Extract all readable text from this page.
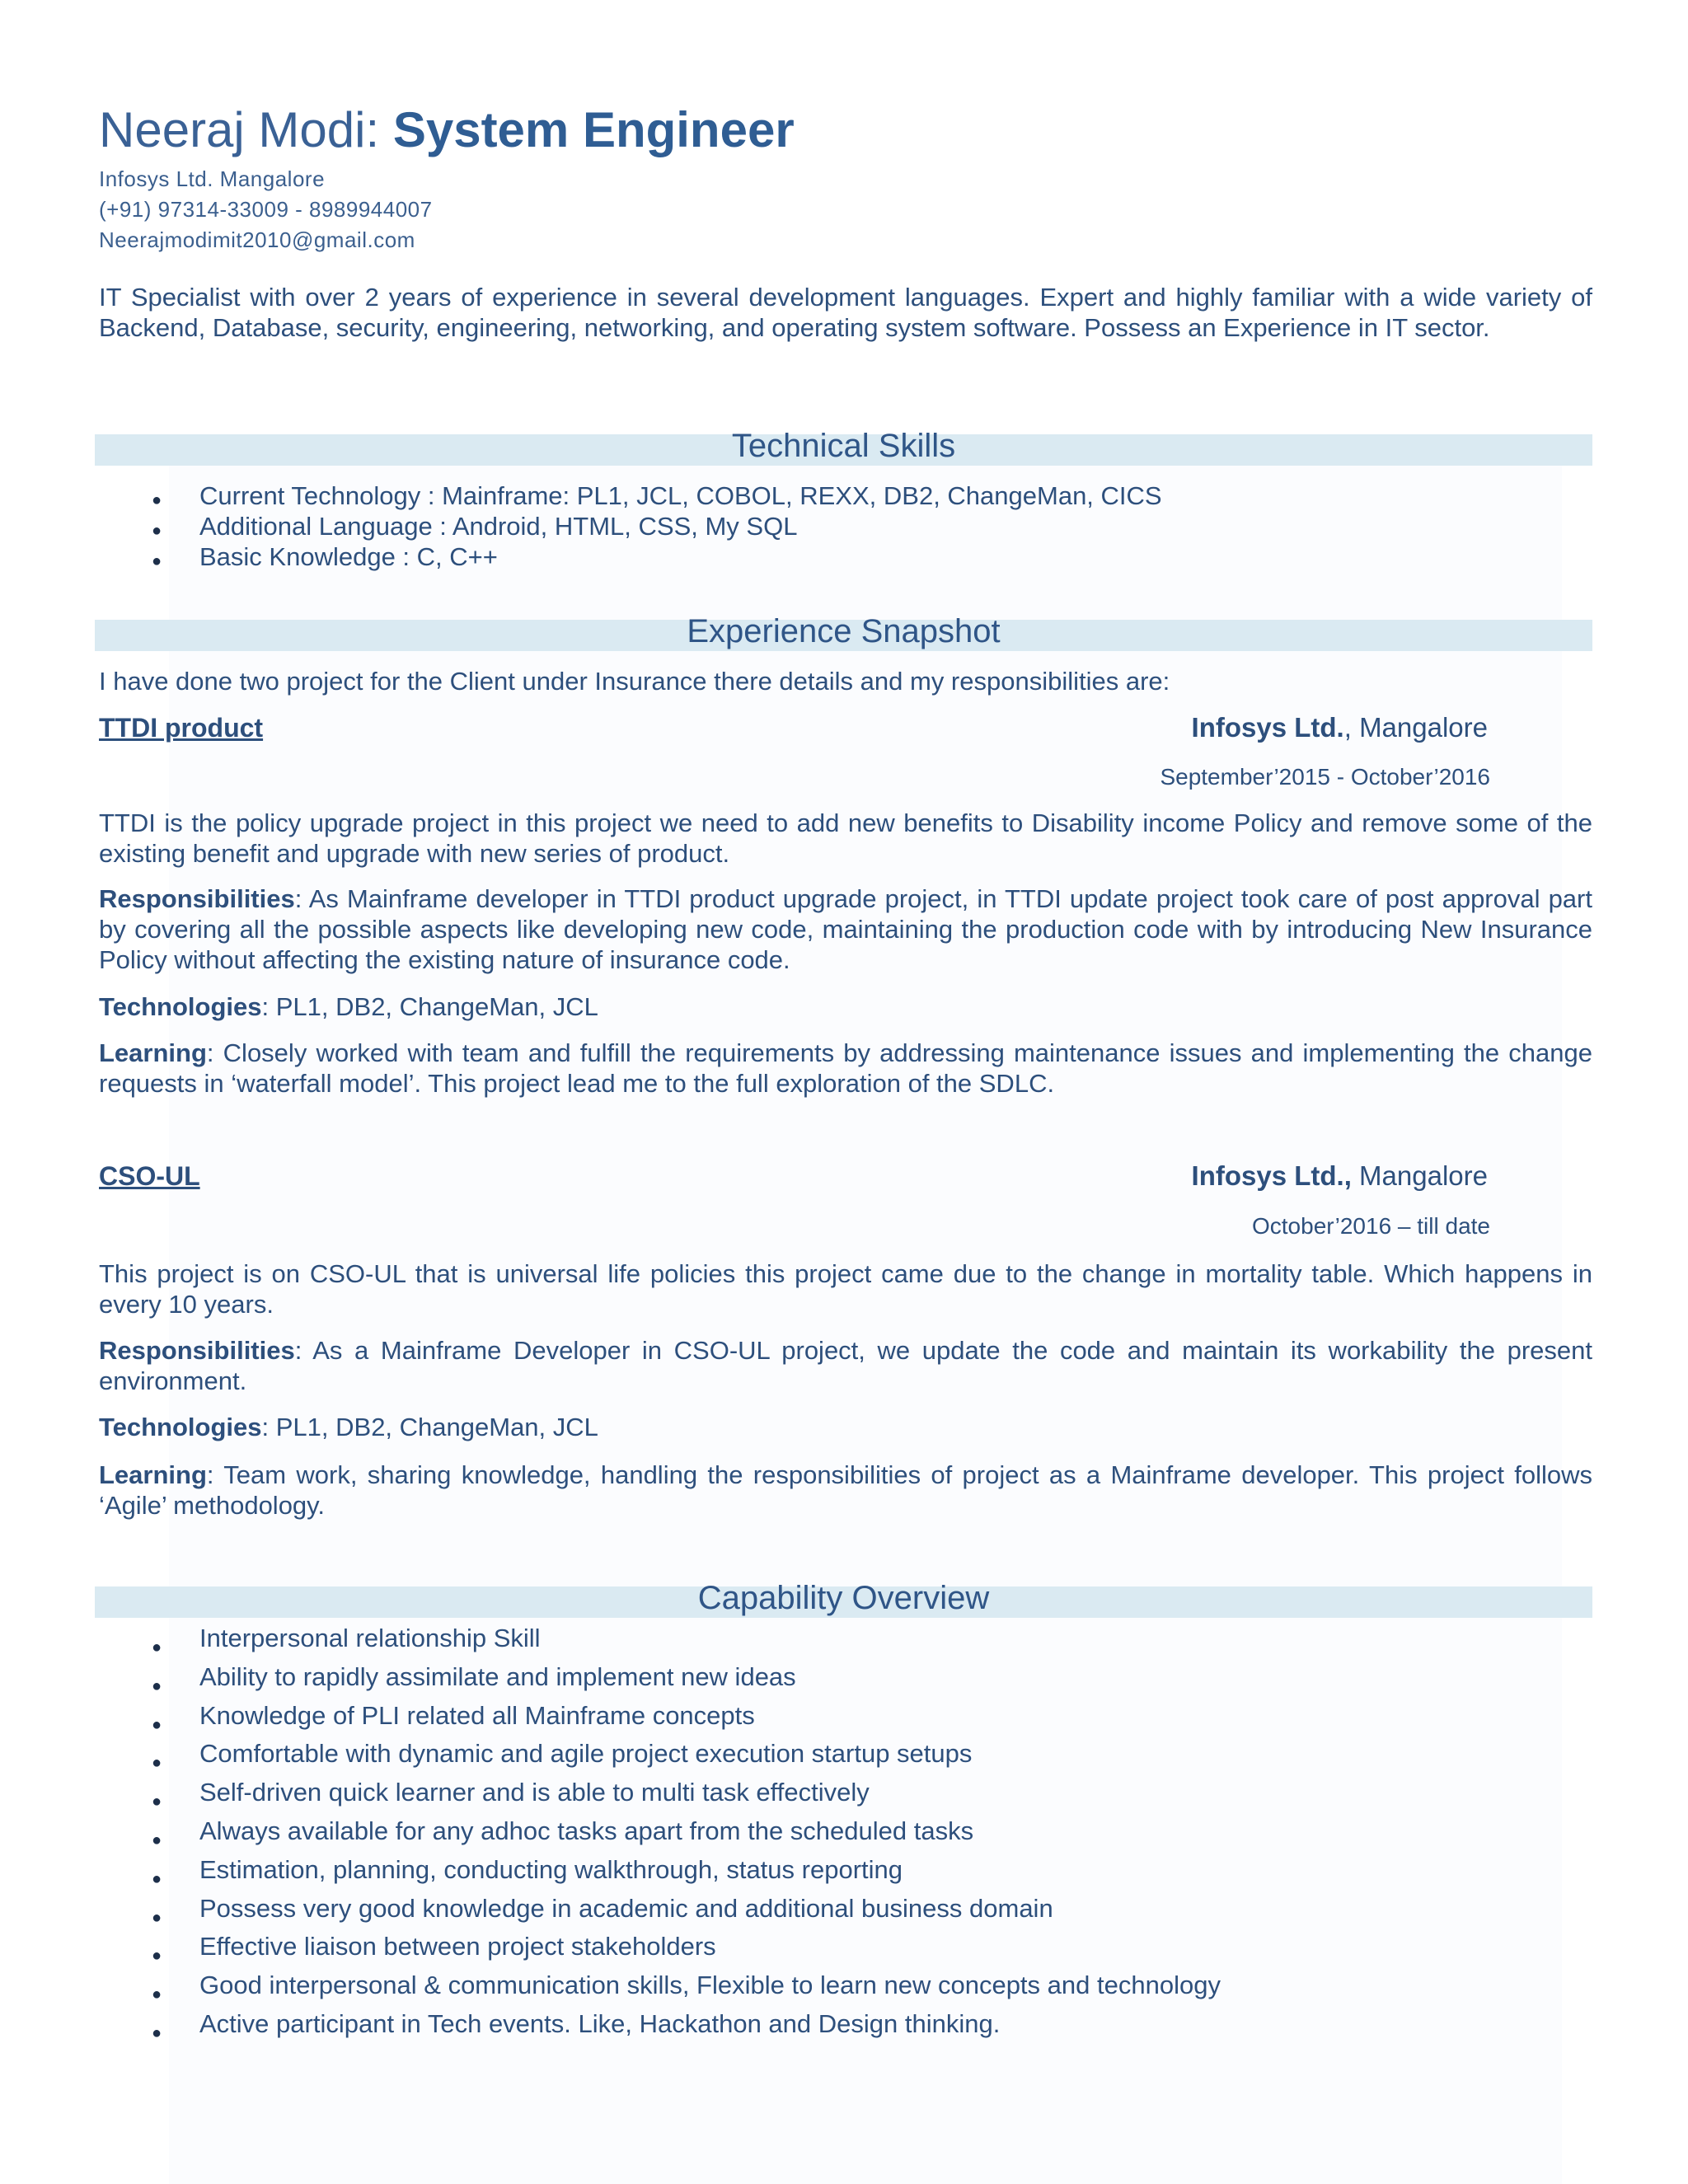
Neeraj Modi: System Engineer
Infosys Ltd. Mangalore
(+91) 97314-33009 - 8989944007
Neerajmodimit2010@gmail.com
IT Specialist with over 2 years of experience in several development languages. Expert and highly familiar with a wide variety of Backend, Database, security, engineering, networking, and operating system software. Possess an Experience in IT sector.
Technical Skills
● Current Technology : Mainframe: PL1, JCL, COBOL, REXX, DB2, ChangeMan, CICS
● Additional Language : Android, HTML, CSS, My SQL
● Basic Knowledge : C, C++
Experience Snapshot
I have done two project for the Client under Insurance there details and my responsibilities are:
TTDI product	Infosys Ltd., Mangalore
September’2015 - October’2016
TTDI is the policy upgrade project in this project we need to add new benefits to Disability income Policy and remove some of the existing benefit and upgrade with new series of product.
Responsibilities: As Mainframe developer in TTDI product upgrade project, in TTDI update project took care of post approval part by covering all the possible aspects like developing new code, maintaining the production code with by introducing New Insurance Policy without affecting the existing nature of insurance code.
Technologies: PL1, DB2, ChangeMan, JCL
Learning: Closely worked with team and fulfill the requirements by addressing maintenance issues and implementing the change requests in ‘waterfall model’. This project lead me to the full exploration of the SDLC.
CSO-UL	Infosys Ltd., Mangalore
October’2016 – till date
This project is on CSO-UL that is universal life policies this project came due to the change in mortality table. Which happens in every 10 years.
Responsibilities: As a Mainframe Developer in CSO-UL project, we update the code and maintain its workability the present environment.
Technologies: PL1, DB2, ChangeMan, JCL
Learning: Team work, sharing knowledge, handling the responsibilities of project as a Mainframe developer. This project follows ‘Agile’ methodology.
Capability Overview
● Interpersonal relationship Skill
● Ability to rapidly assimilate and implement new ideas
● Knowledge of PLI related all Mainframe concepts
● Comfortable with dynamic and agile project execution startup setups
● Self-driven quick learner and is able to multi task effectively
● Always available for any adhoc tasks apart from the scheduled tasks
● Estimation, planning, conducting walkthrough, status reporting
● Possess very good knowledge in academic and additional business domain
● Effective liaison between project stakeholders
● Good interpersonal & communication skills, Flexible to learn new concepts and technology
● Active participant in Tech events. Like, Hackathon and Design thinking.
